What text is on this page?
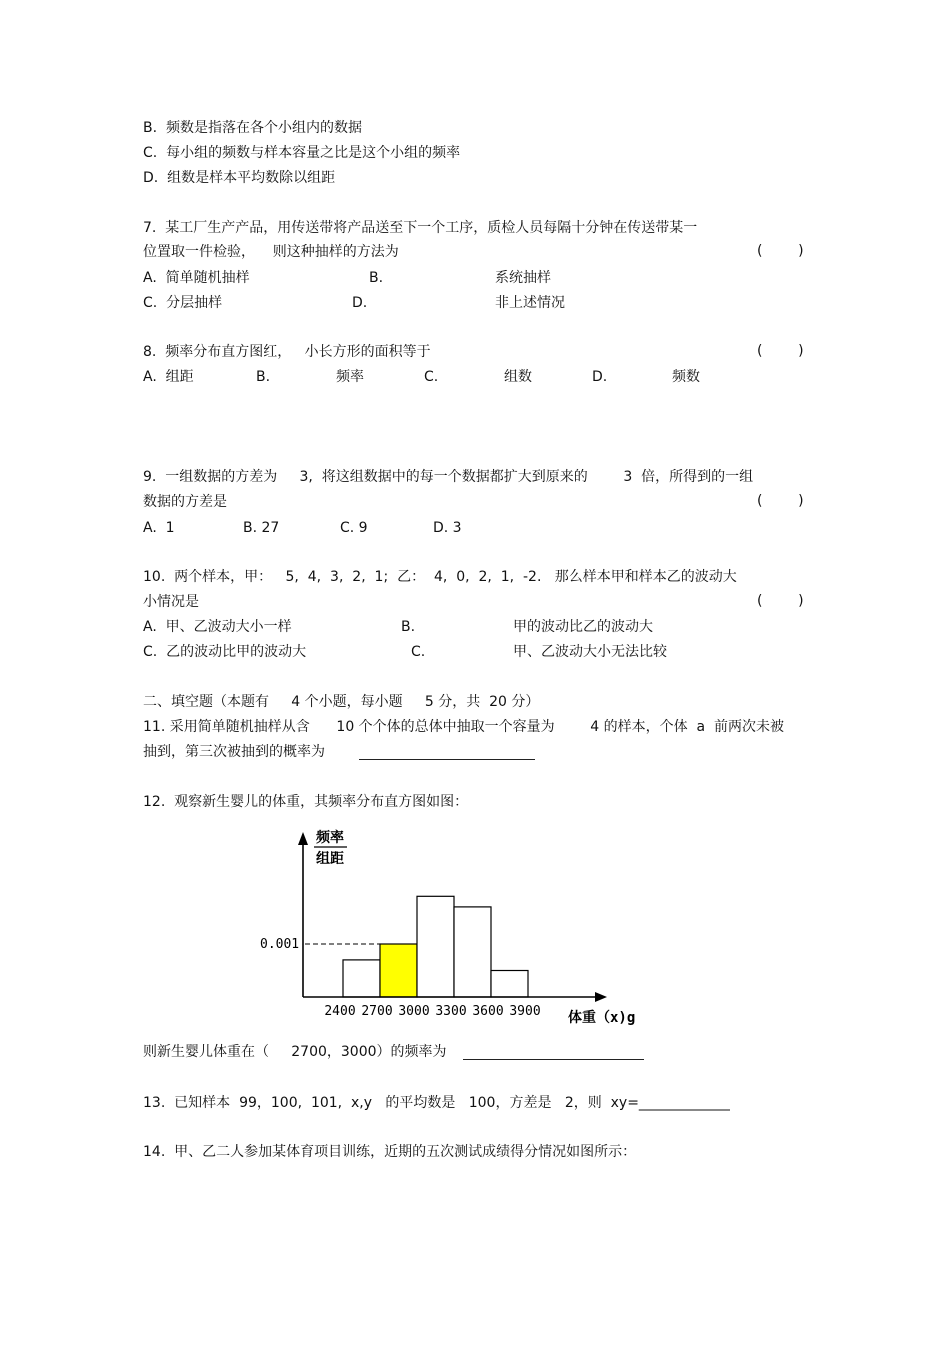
B.  频数是指落在各个小组内的数据
C.  每小组的频数与样本容量之比是这个小组的频率
D.  组数是样本平均数除以组距
7.  某工厂生产产品，用传送带将产品送至下一个工序，质检人员每隔十分钟在传送带某一
位置取一件检验，    则这种抽样的方法为	(        )
A.  简单随机抽样	B.	系统抽样
C.  分层抽样	D.	非上述情况
8.  频率分布直方图红，   小长方形的面积等于	(        )
A.  组距	B.	频率	C.	组数	D.	频数
9.  一组数据的方差为     3,  将这组数据中的每一个数据都扩大到原来的        3  倍，所得到的一组
数据的方差是	(        )
A.  1	B. 27	C. 9	D. 3
10.  两个样本，甲：   5,  4,  3,  2,  1;  乙：  4,  0,  2,  1,  -2.   那么样本甲和样本乙的波动大
小情况是	(        )
A.  甲、乙波动大小一样	B.	甲的波动比乙的波动大
C.  乙的波动比甲的波动大	C.	甲、乙波动大小无法比较
二、填空题（本题有     4 个小题，每小题     5 分，共  20 分）
11. 采用简单随机抽样从含      10 个个体的总体中抽取一个容量为        4 的样本，个体  a  前两次未被
抽到，第三次被抽到的概率为
12.  观察新生婴儿的体重，其频率分布直方图如图：
频率
组距
0.001
2400 2700 3000 3300 3600 3900 体重（x)g
则新生婴儿体重在（     2700，3000）的频率为
13.  已知样本  99，100,  101,  x,y   的平均数是   100，方差是   2，则  xy=_____________
14.  甲、乙二人参加某体育项目训练，近期的五次测试成绩得分情况如图所示：
